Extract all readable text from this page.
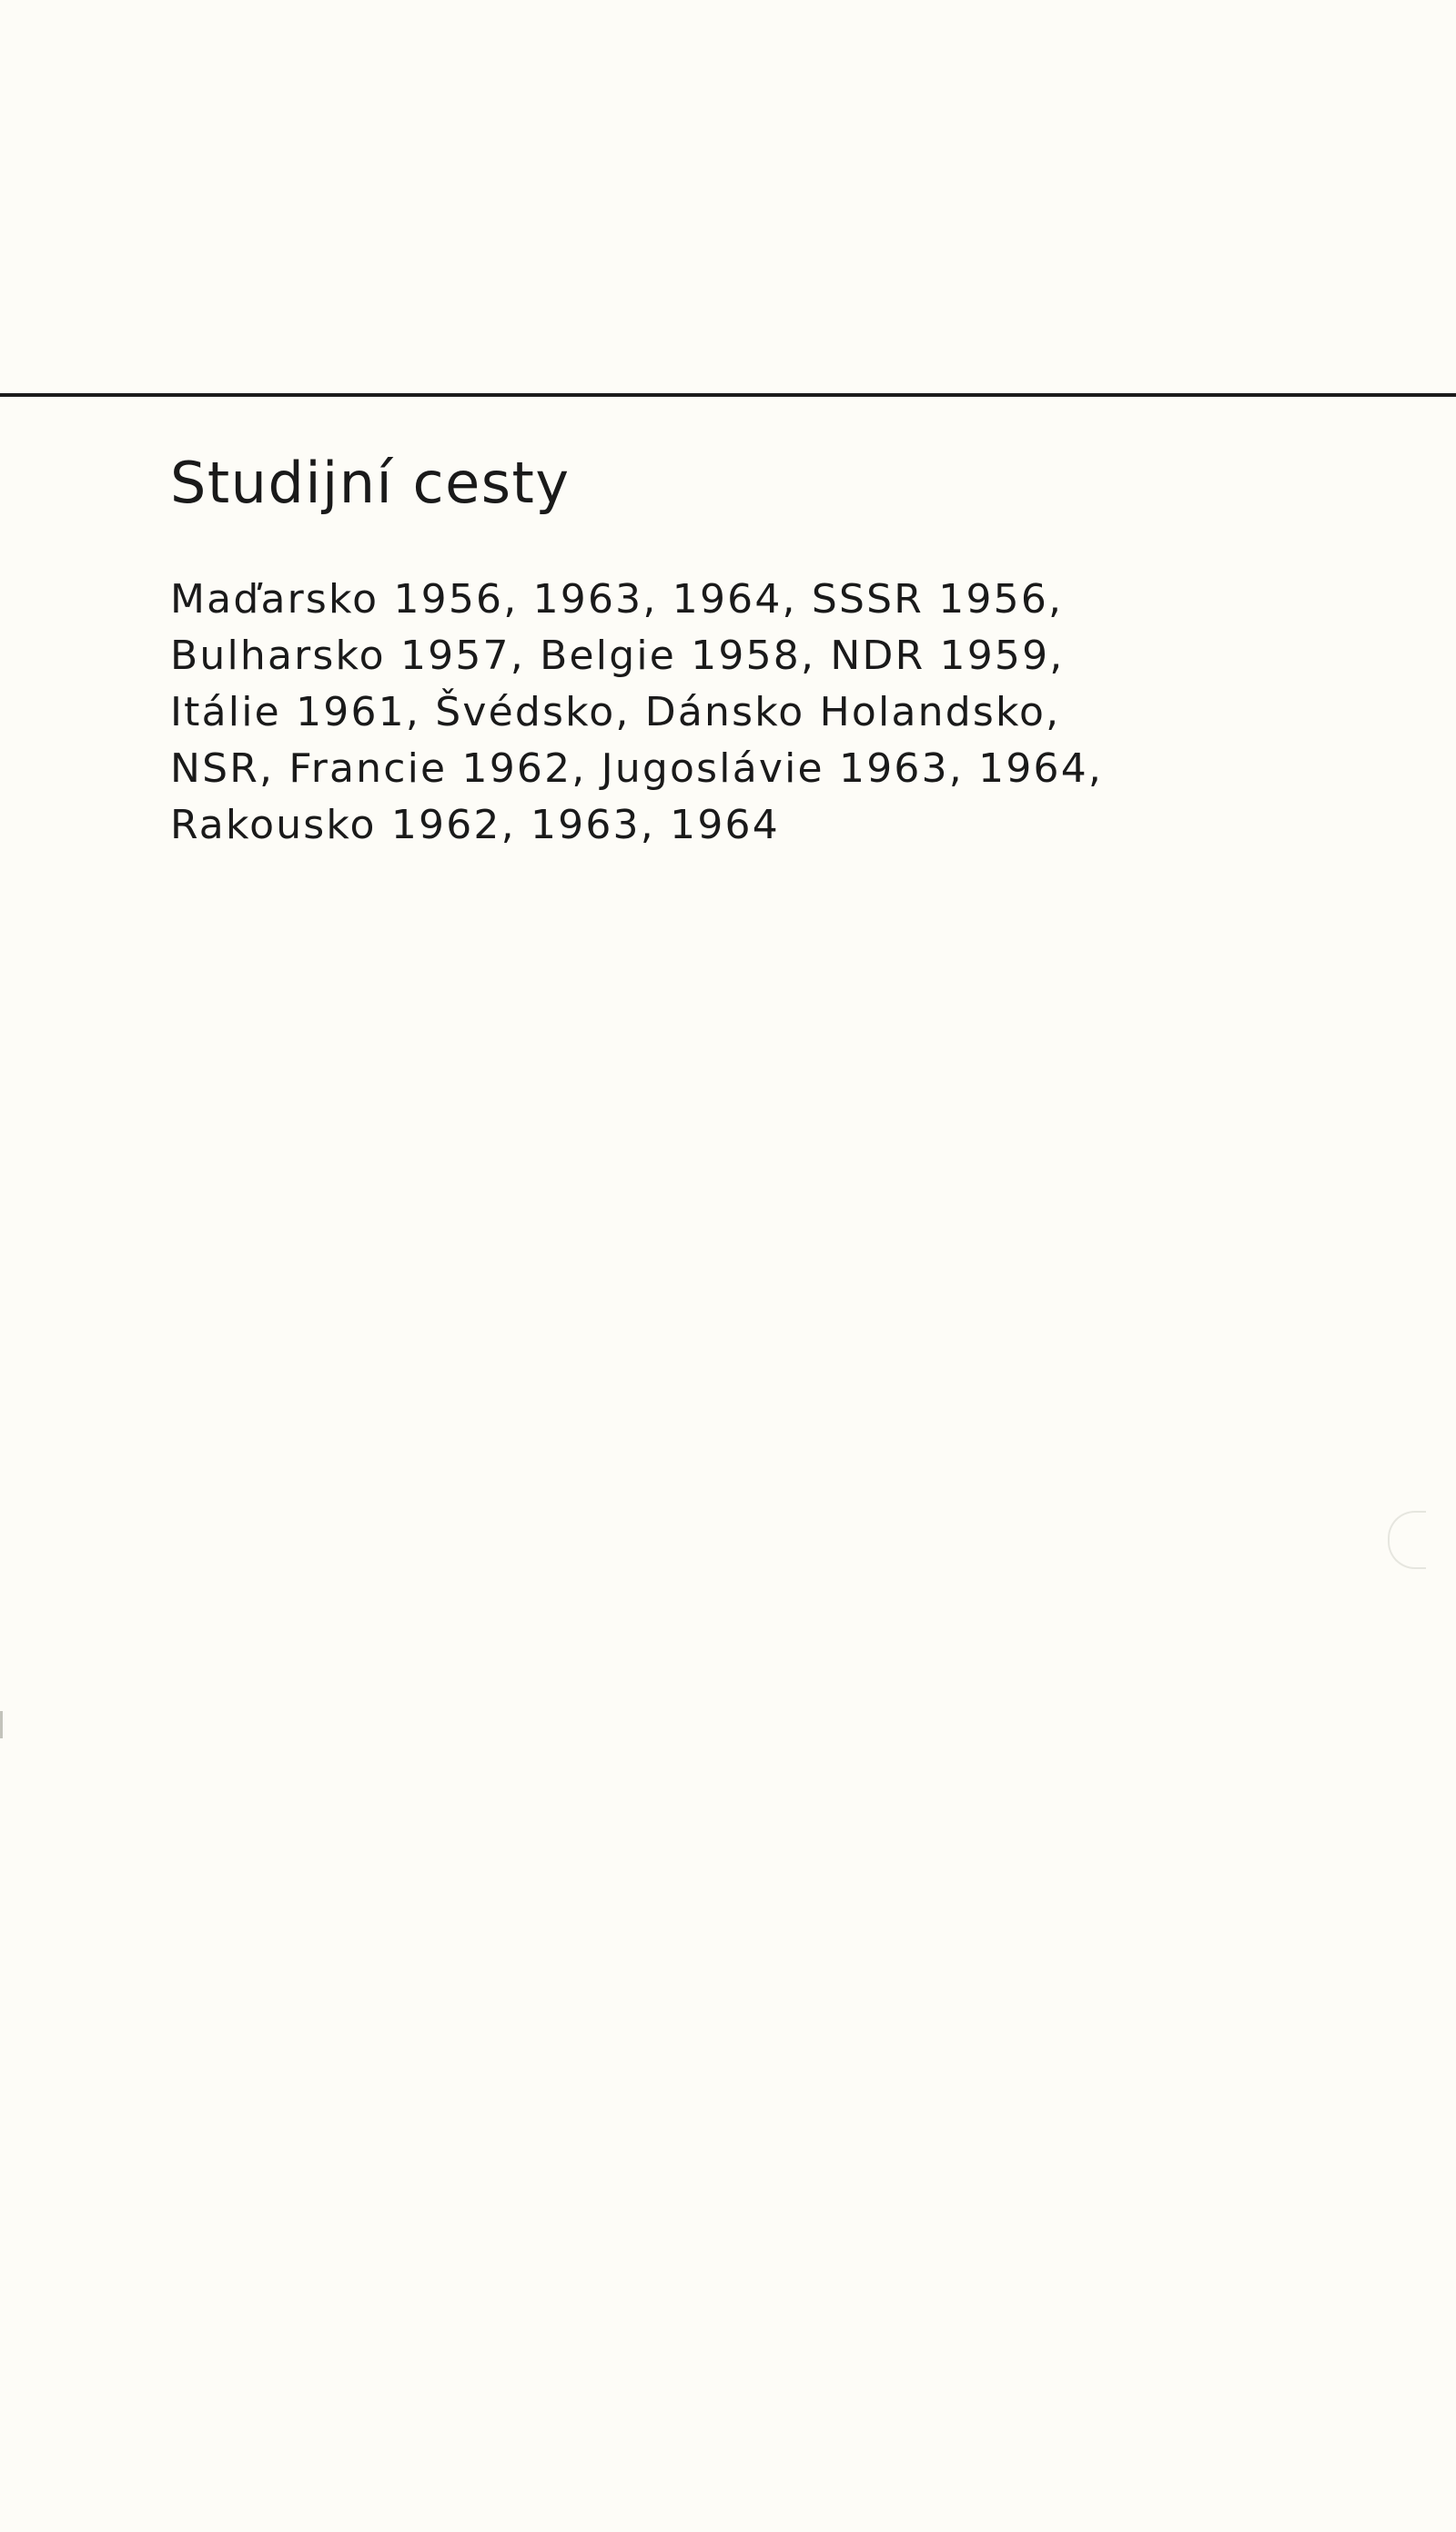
Studijní cesty
Maďarsko 1956, 1963, 1964, SSSR 1956,
Bulharsko 1957, Belgie 1958, NDR 1959,
Itálie 1961, Švédsko, Dánsko Holandsko,
NSR, Francie 1962, Jugoslávie 1963, 1964,
Rakousko 1962, 1963, 1964
